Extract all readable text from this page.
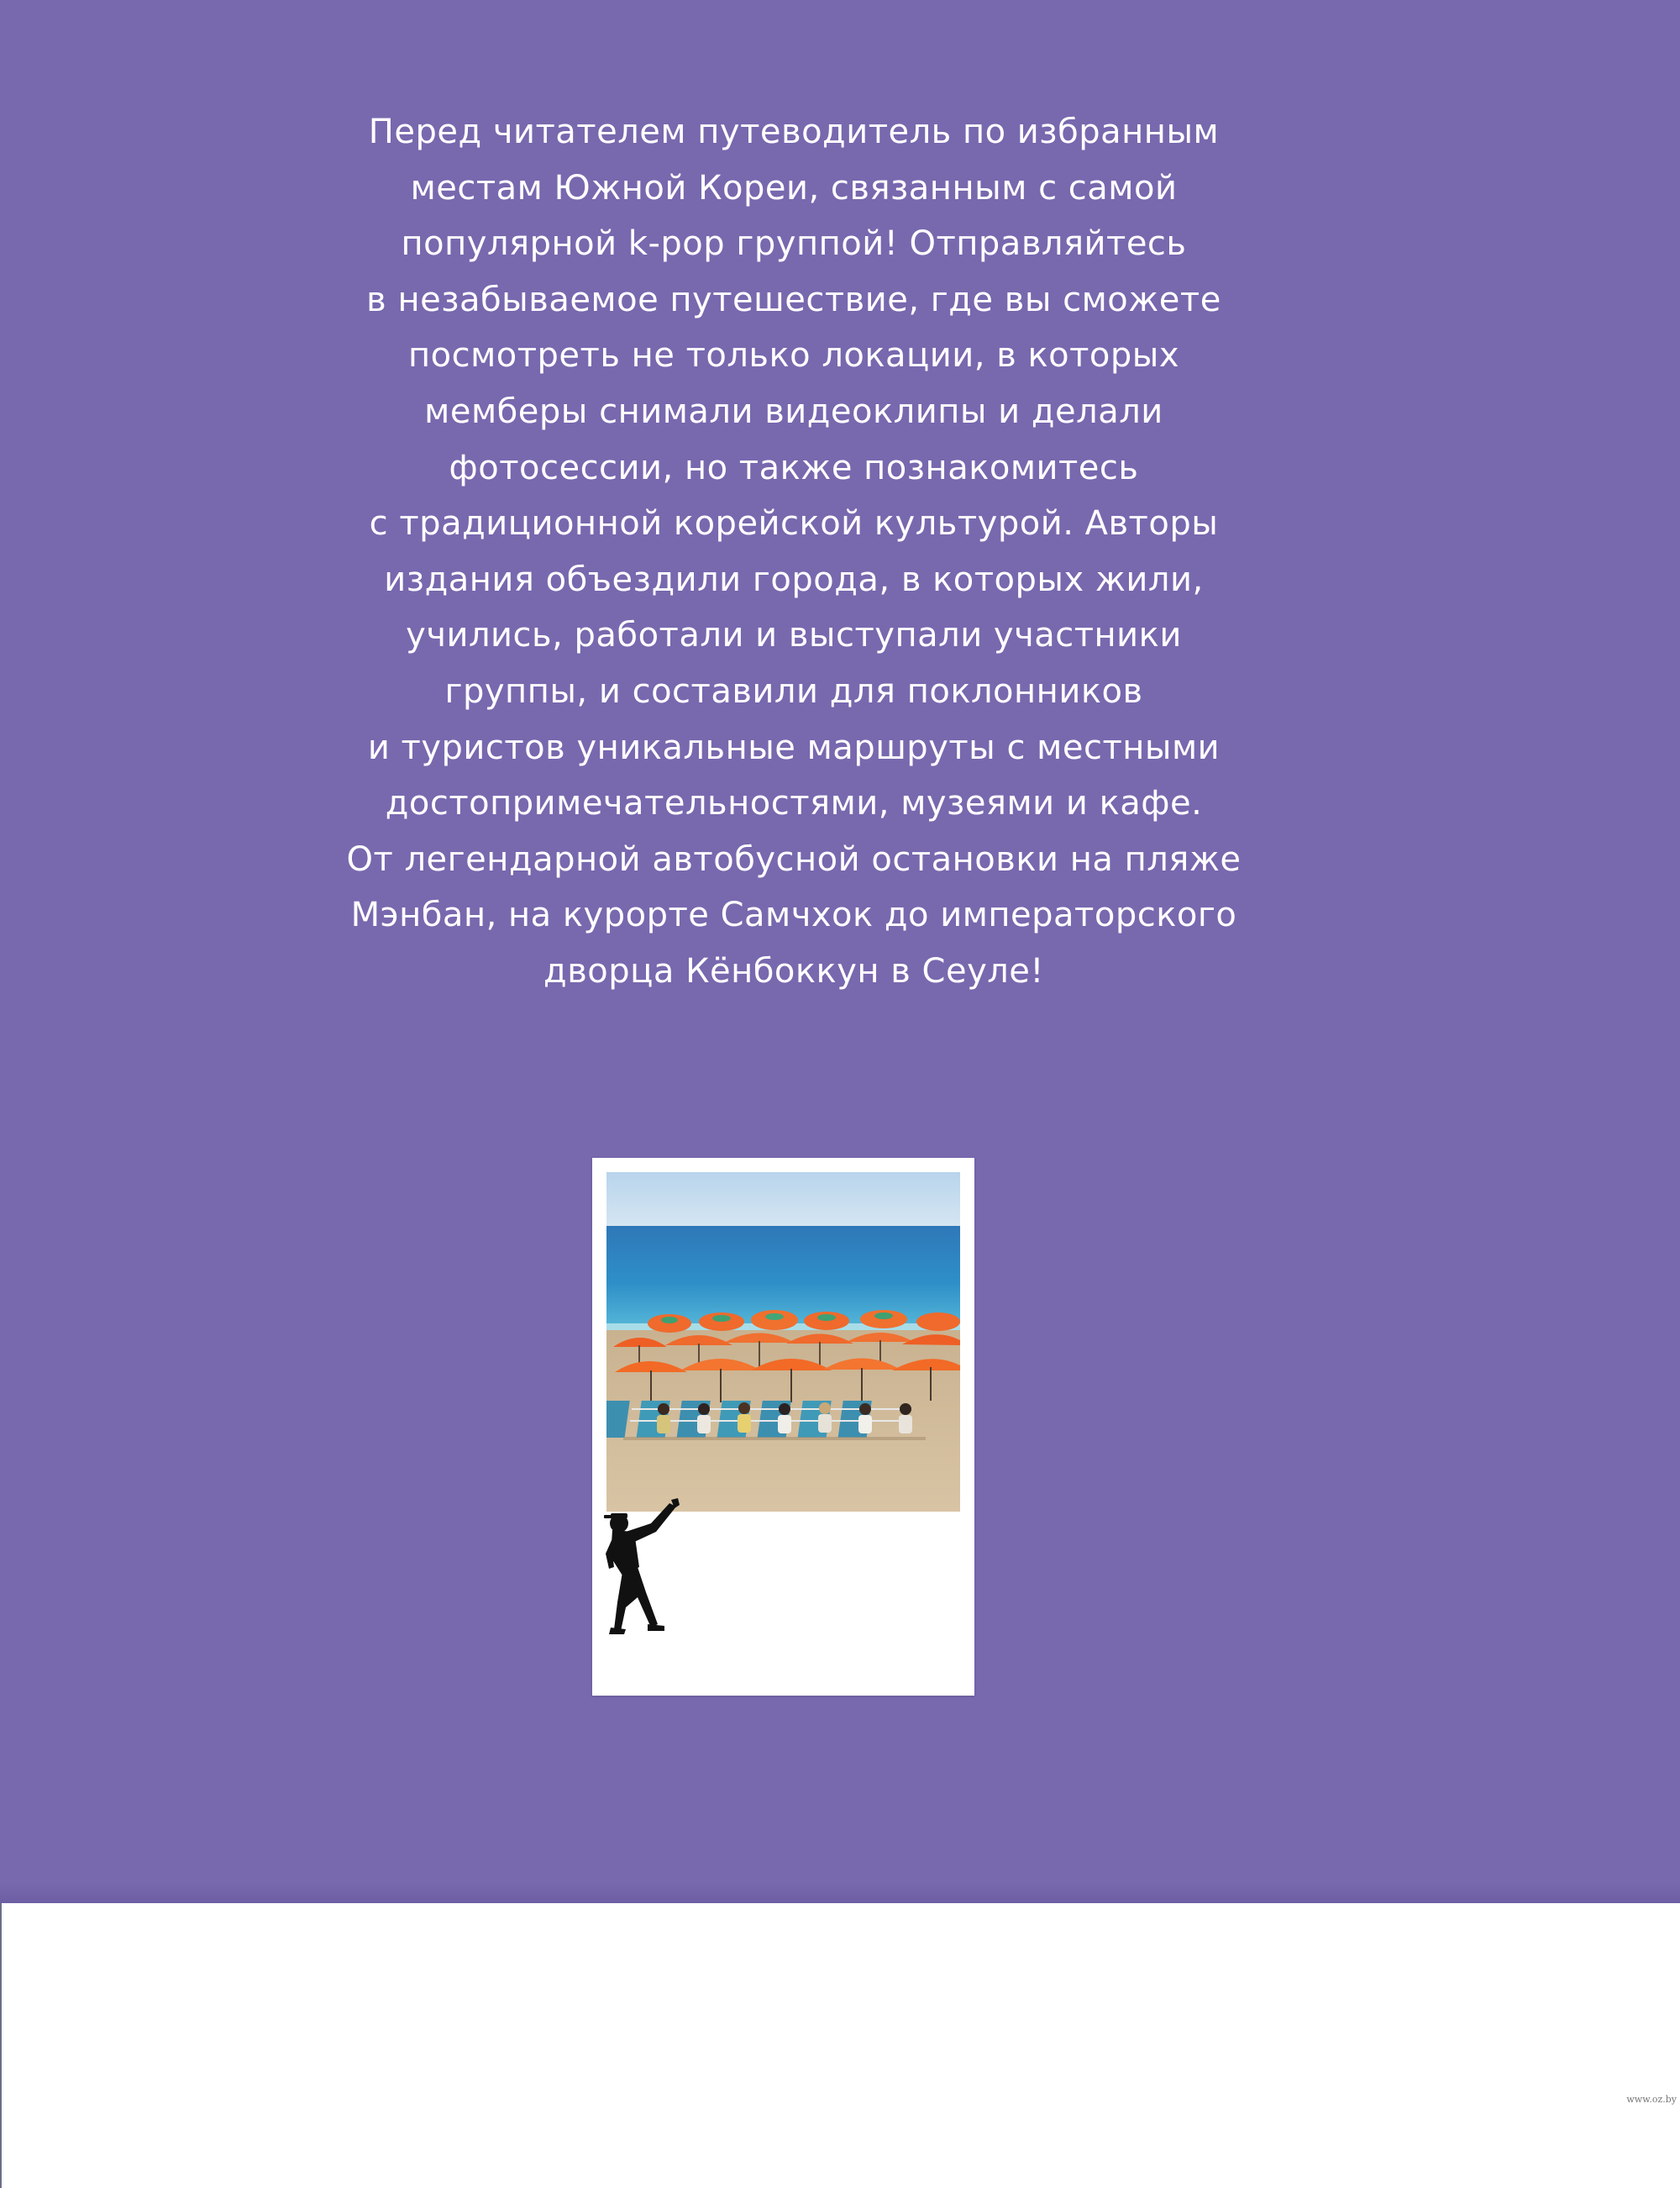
Перед читателем путеводитель по избранным
местам Южной Кореи, связанным с самой
популярной k-pop группой! Отправляйтесь
в незабываемое путешествие, где вы сможете
посмотреть не только локации, в которых
мемберы снимали видеоклипы и делали
фотосессии, но также познакомитесь
с традиционной корейской культурой. Авторы
издания объездили города, в которых жили,
учились, работали и выступали участники
группы, и составили для поклонников
и туристов уникальные маршруты с местными
достопримечательностями, музеями и кафе.
От легендарной автобусной остановки на пляже
Мэнбан, на курорте Самчхок до императорского
дворца Кёнбоккун в Сеуле!

www.oz.by
